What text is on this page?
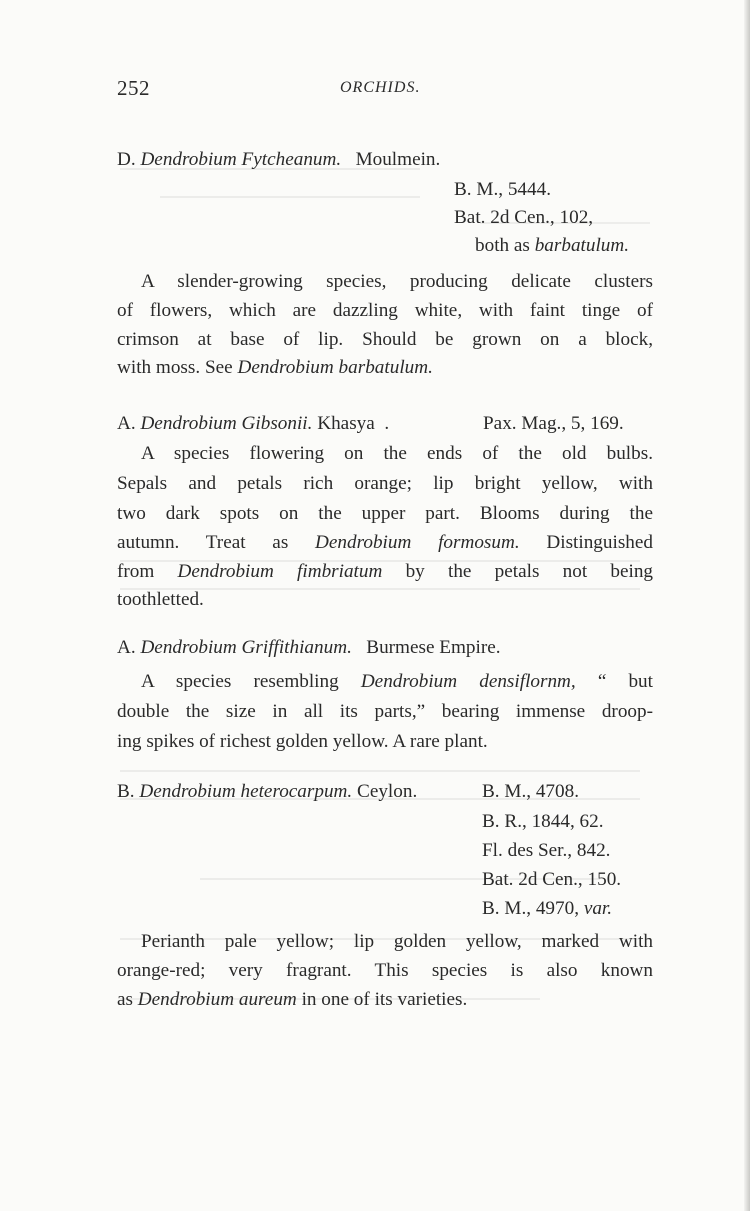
252	ORCHIDS.
D. Dendrobium Fytcheanum. Moulmein.
B. M., 5444.
Bat. 2d Cen., 102,
both as barbatulum.
A slender-growing species, producing delicate clusters
of flowers, which are dazzling white, with faint tinge of
crimson at base of lip. Should be grown on a block,
with moss. See Dendrobium barbatulum.
A. Dendrobium Gibsonii. Khasya .	Pax. Mag., 5, 169.
A species flowering on the ends of the old bulbs.
Sepals and petals rich orange; lip bright yellow, with
two dark spots on the upper part. Blooms during the
autumn. Treat as Dendrobium formosum. Distinguished
from Dendrobium fimbriatum by the petals not being
toothletted.
A. Dendrobium Griffithianum. Burmese Empire.
A species resembling Dendrobium densiflornm, “ but
double the size in all its parts,” bearing immense droop-
ing spikes of richest golden yellow. A rare plant.
B. Dendrobium heterocarpum. Ceylon.	B. M., 4708.
B. R., 1844, 62.
Fl. des Ser., 842.
Bat. 2d Cen., 150.
B. M., 4970, var.
Perianth pale yellow; lip golden yellow, marked with
orange-red; very fragrant. This species is also known
as Dendrobium aureum in one of its varieties.
